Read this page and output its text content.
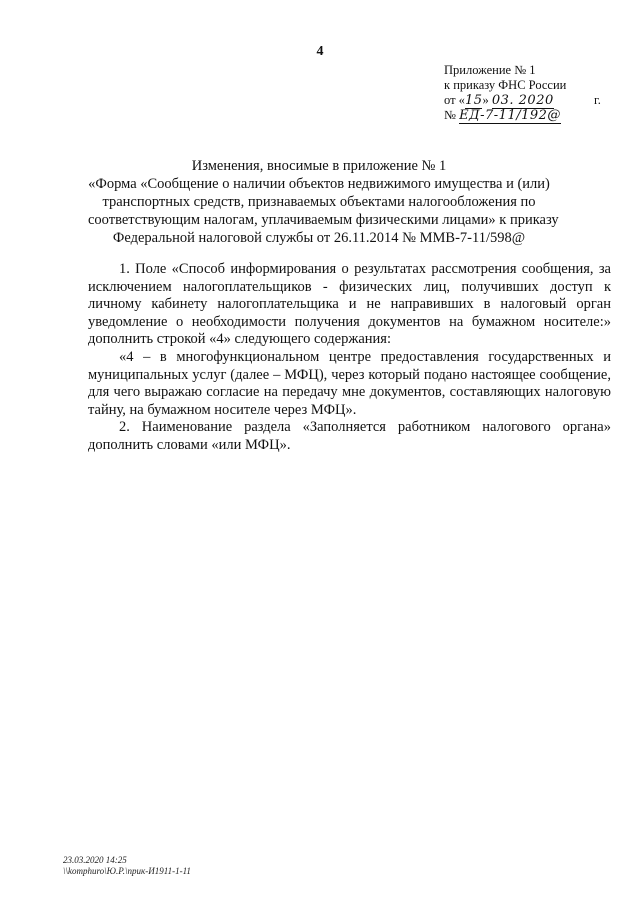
4
Приложение № 1
к приказу ФНС России
от «15» 03. 2020	г.
№ ЕД-7-11/192@
Изменения, вносимые в приложение № 1
«Форма «Сообщение о наличии объектов недвижимого имущества и (или)
транспортных средств, признаваемых объектами налогообложения по
соответствующим налогам, уплачиваемым физическими лицами» к приказу
Федеральной налоговой службы от 26.11.2014 № ММВ-7-11/598@

1. Поле «Способ информирования о результатах рассмотрения сообщения, за исключением налогоплательщиков - физических лиц, получивших доступ к личному кабинету налогоплательщика и не направивших в налоговый орган уведомление о необходимости получения документов на бумажном носителе:» дополнить строкой «4» следующего содержания:

«4 – в многофункциональном центре предоставления государственных и муниципальных услуг (далее – МФЦ), через который подано настоящее сообщение, для чего выражаю согласие на передачу мне документов, составляющих налоговую тайну, на бумажном носителе через МФЦ».

2. Наименование раздела «Заполняется работником налогового органа» дополнить словами «или МФЦ».

23.03.2020 14:25
\\komphuro\Ю.Р.\прик-И1911-1-11
